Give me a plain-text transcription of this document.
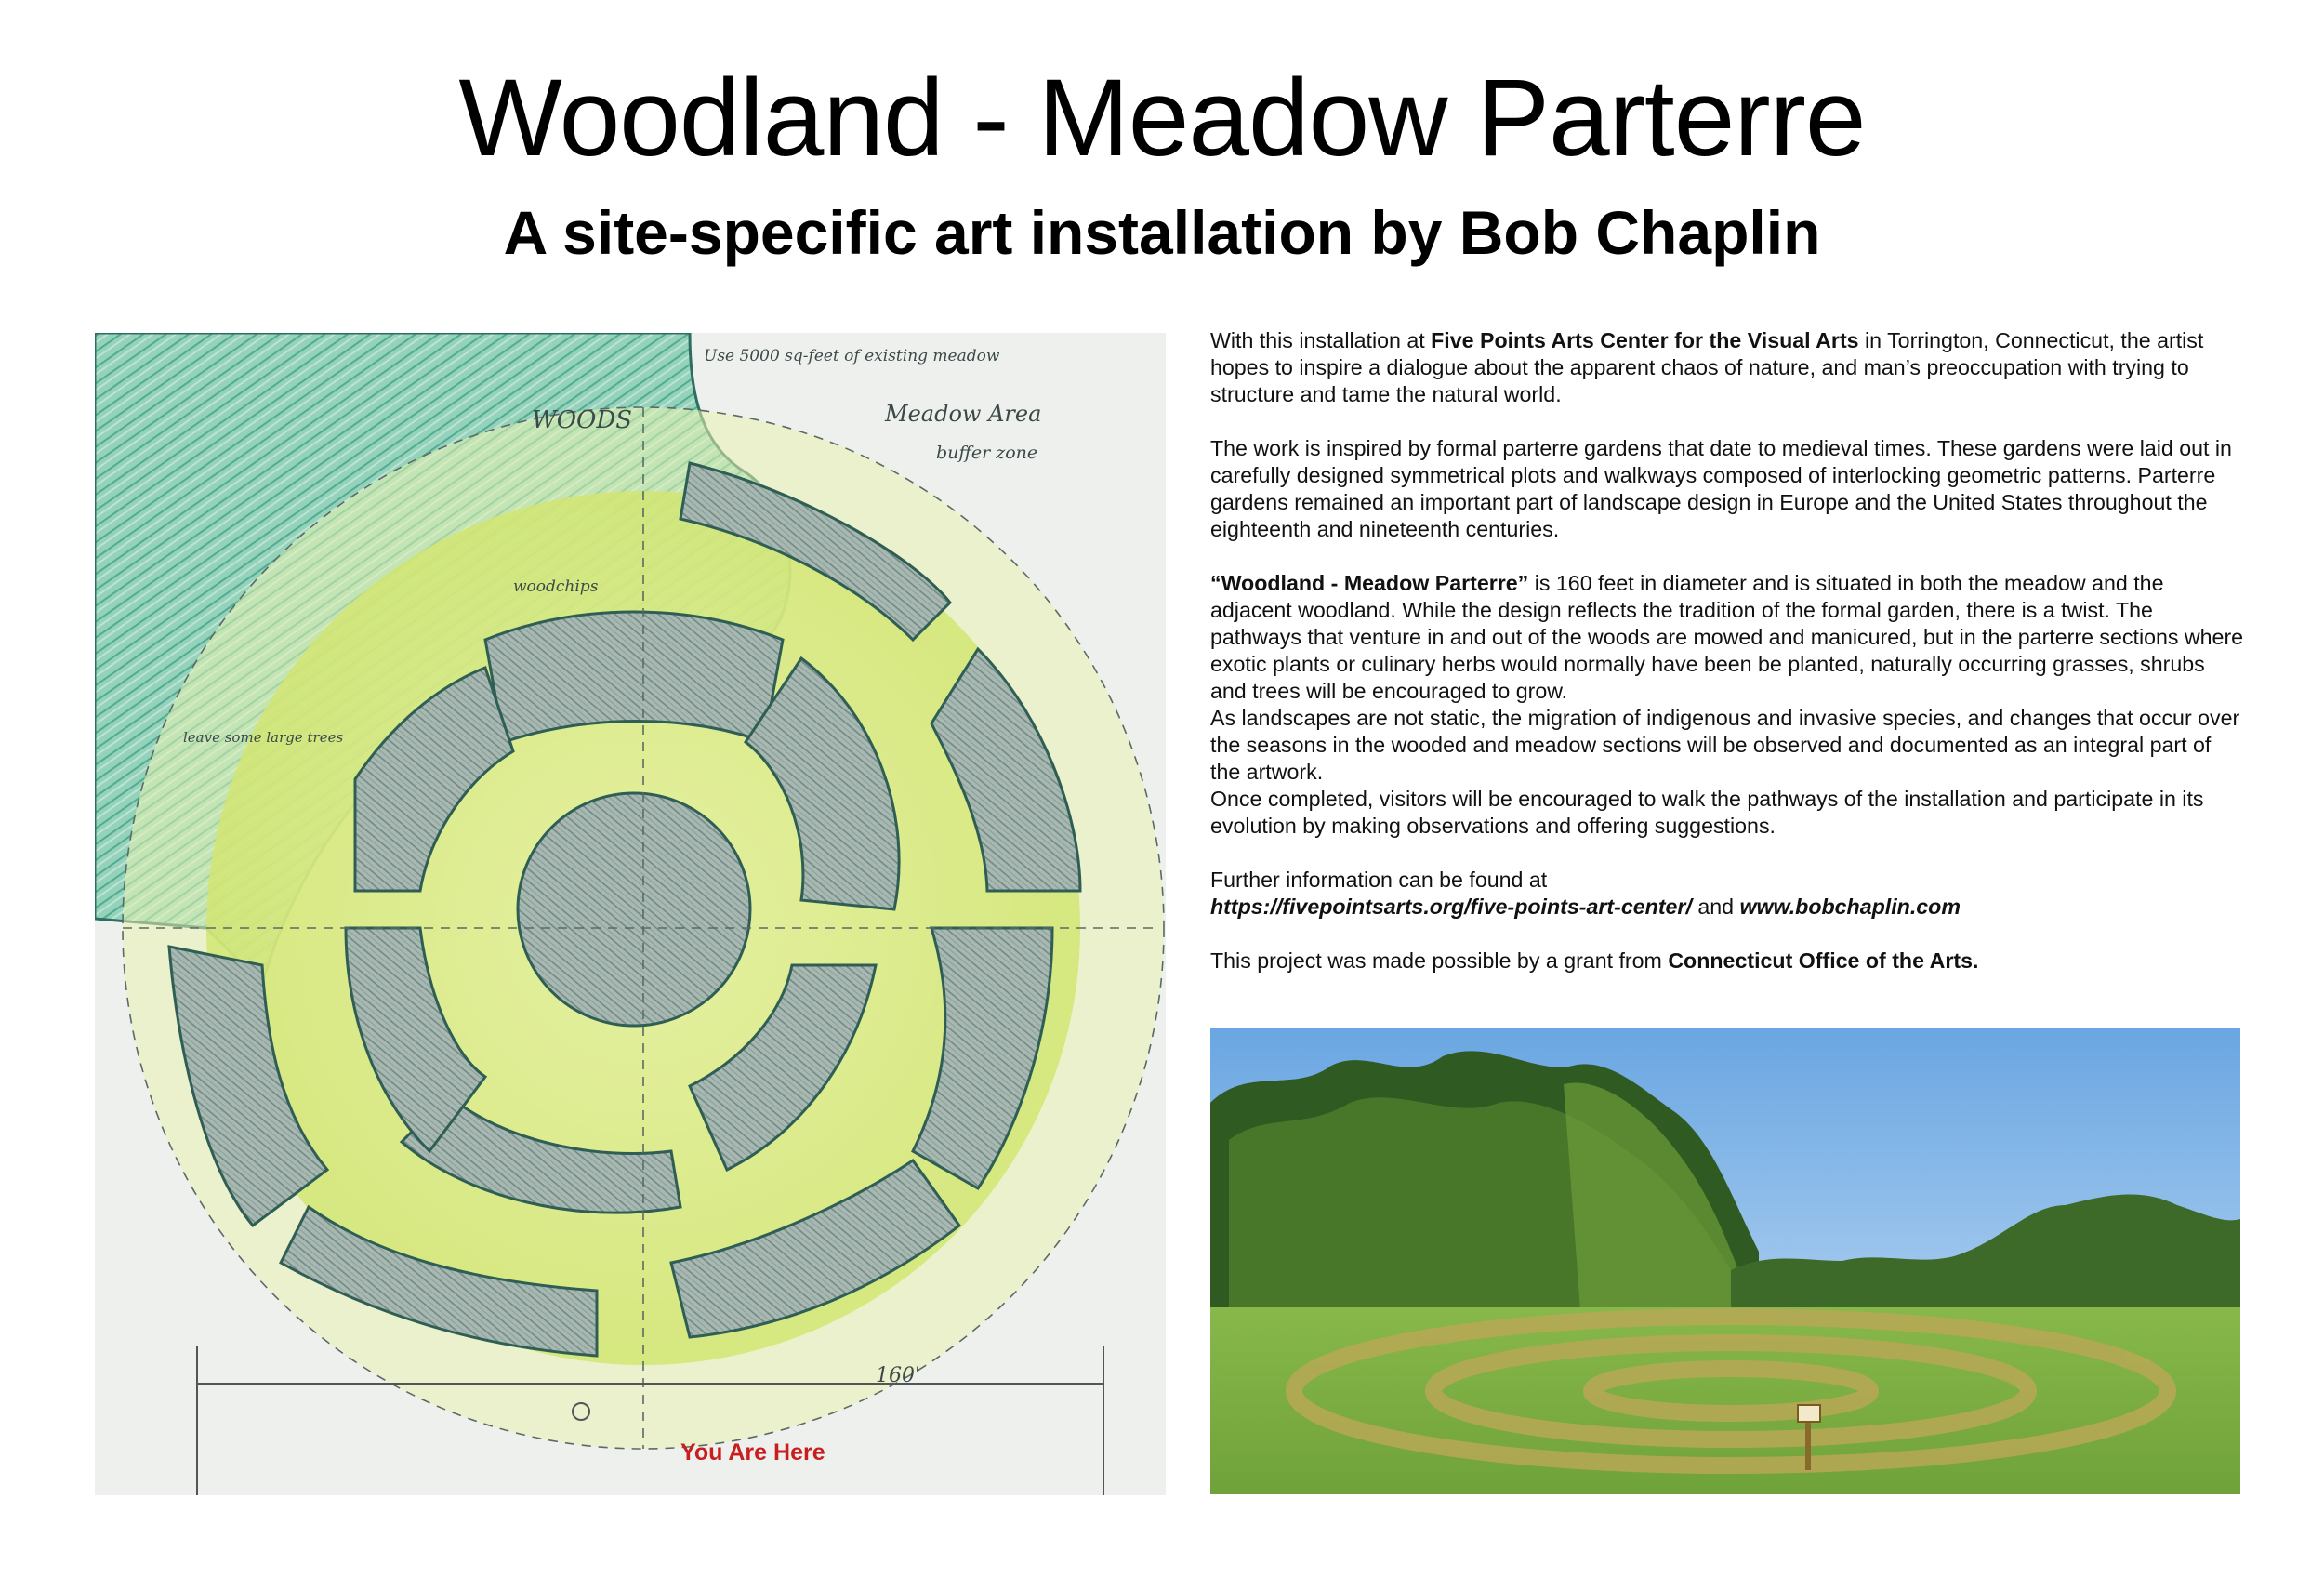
Woodland - Meadow Parterre
A site-specific art installation by Bob Chaplin
WOODS
Use 5000 sq-feet of existing meadow
Meadow Area
buffer zone
woodchips
leave some large trees
160'
You Are Here

With this installation at Five Points Arts Center for the Visual Arts in Torrington, Connecticut, the artist hopes to inspire a dialogue about the apparent chaos of nature, and man’s preoccupation with trying to structure and tame the natural world.

The work is inspired by formal parterre gardens that date to medieval times. These gardens were laid out in carefully designed symmetrical plots and walkways composed of interlocking geometric patterns. Parterre gardens remained an important part of landscape design in Europe and the United States throughout the eighteenth and nineteenth centuries.

“Woodland - Meadow Parterre” is 160 feet in diameter and is situated in both the meadow and the adjacent woodland. While the design reflects the tradition of the formal garden, there is a twist. The pathways that venture in and out of the woods are mowed and manicured, but in the parterre sections where exotic plants or culinary herbs would normally have been be planted, naturally occurring grasses, shrubs and trees will be encouraged to grow.

As landscapes are not static, the migration of indigenous and invasive species, and changes that occur over the seasons in the wooded and meadow sections will be observed and documented as an integral part of the artwork.

Once completed, visitors will be encouraged to walk the pathways of the installation and participate in its evolution by making observations and offering suggestions.

Further information can be found at
https://fivepointsarts.org/five-points-art-center/ and www.bobchaplin.com

This project was made possible by a grant from Connecticut Office of the Arts.
